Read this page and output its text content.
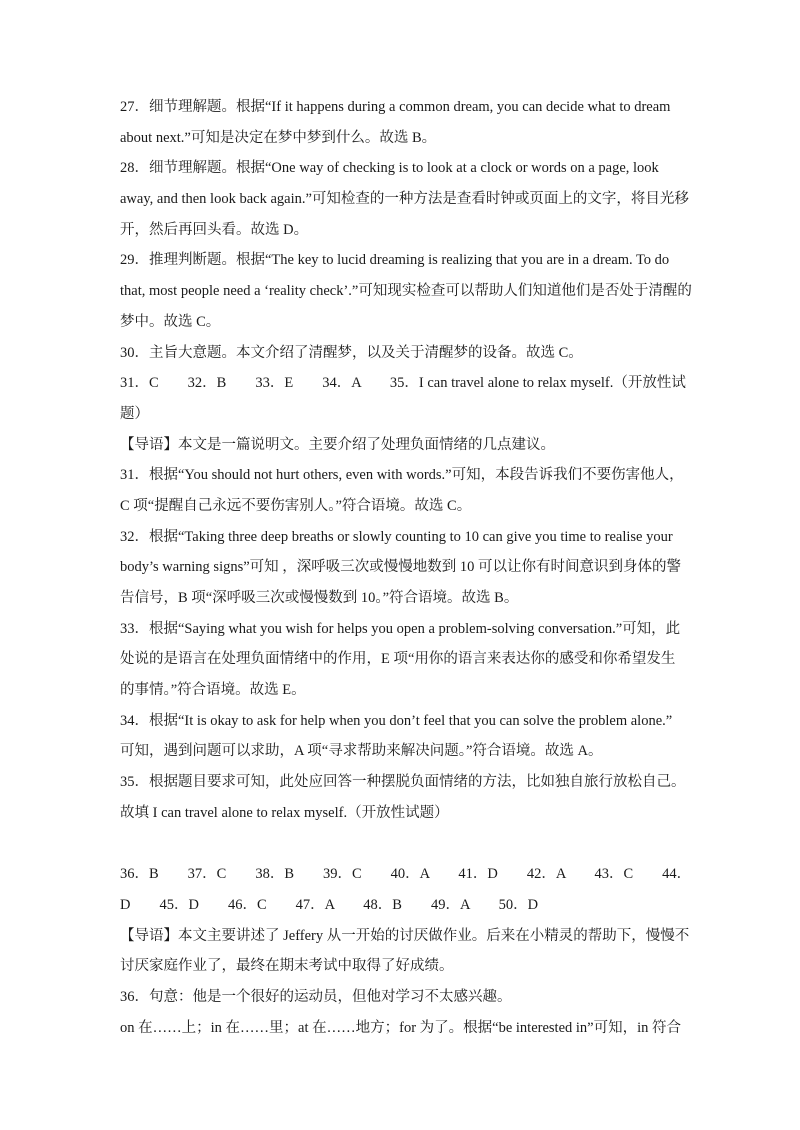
27．细节理解题。根据“If it happens during a common dream, you can decide what to dream
about next.”可知是决定在梦中梦到什么。故选 B。
28．细节理解题。根据“One way of checking is to look at a clock or words on a page, look
away, and then look back again.”可知检查的一种方法是查看时钟或页面上的文字，将目光移
开，然后再回头看。故选 D。
29．推理判断题。根据“The key to lucid dreaming is realizing that you are in a dream. To do
that, most people need a ‘reality check’.”可知现实检查可以帮助人们知道他们是否处于清醒的
梦中。故选 C。
30．主旨大意题。本文介绍了清醒梦，以及关于清醒梦的设备。故选 C。
31．C　　32．B　　33．E　　34．A　　35．I can travel alone to relax myself.（开放性试
题）
【导语】本文是一篇说明文。主要介绍了处理负面情绪的几点建议。
31．根据“You should not hurt others, even with words.”可知，本段告诉我们不要伤害他人，
C 项“提醒自己永远不要伤害别人。”符合语境。故选 C。
32．根据“Taking three deep breaths or slowly counting to 10 can give you time to realise your
body’s warning signs”可知 ，深呼吸三次或慢慢地数到 10 可以让你有时间意识到身体的警
告信号，B 项“深呼吸三次或慢慢数到 10。”符合语境。故选 B。
33．根据“Saying what you wish for helps you open a problem-solving conversation.”可知，此
处说的是语言在处理负面情绪中的作用，E 项“用你的语言来表达你的感受和你希望发生
的事情。”符合语境。故选 E。
34．根据“It is okay to ask for help when you don’t feel that you can solve the problem alone.”
可知，遇到问题可以求助，A 项“寻求帮助来解决问题。”符合语境。故选 A。
35．根据题目要求可知，此处应回答一种摆脱负面情绪的方法，比如独自旅行放松自己。
故填 I can travel alone to relax myself.（开放性试题）
36．B　　37．C　　38．B　　39．C　　40．A　　41．D　　42．A　　43．C　　44．
D　　45．D　　46．C　　47．A　　48．B　　49．A　　50．D
【导语】本文主要讲述了 Jeffery 从一开始的讨厌做作业。后来在小精灵的帮助下，慢慢不
讨厌家庭作业了，最终在期末考试中取得了好成绩。
36．句意：他是一个很好的运动员，但他对学习不太感兴趣。
on 在……上；in 在……里；at 在……地方；for 为了。根据“be interested in”可知，in 符合
